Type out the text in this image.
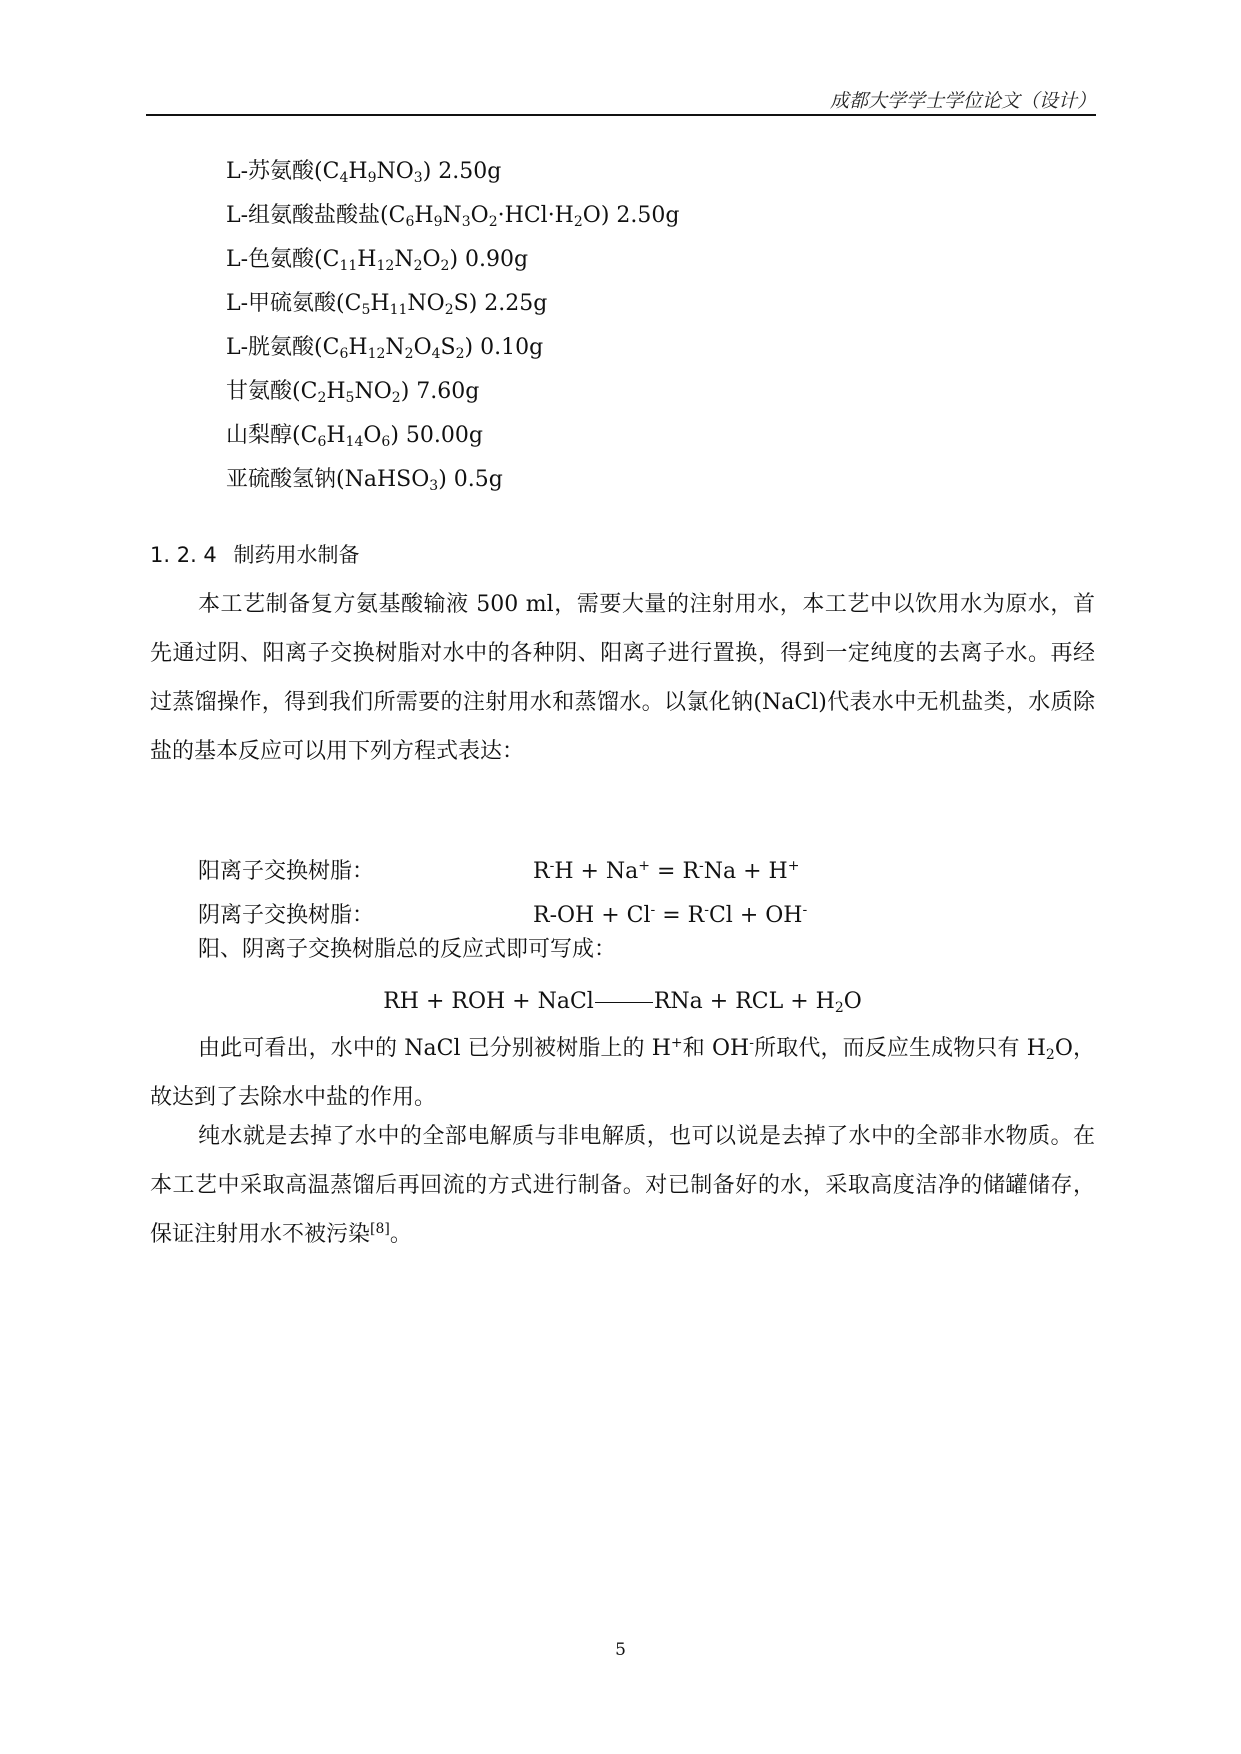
成都大学学士学位论文（设计）
L-苏氨酸$(C_4H_9NO_3)$ 2.50g
L-组氨酸盐酸盐$(C_6H_9N_3O_2\cdot HCl\cdot H_2O)$ 2.50g
L-色氨酸$(C_{11}H_{12}N_2O_2)$ 0.90g
L-甲硫氨酸$(C_5H_{11}NO_2S)$ 2.25g
L-胱氨酸$(C_6H_{12}N_2O_4S_2)$ 0.10g
甘氨酸$(C_2H_5NO_2)$ 7.60g
山梨醇$(C_6H_{14}O_6)$ 50.00g
亚硫酸氢钠(NaHSO$_3$) 0.5g
1. 2. 4 制药用水制备
本工艺制备复方氨基酸输液 500 ml，需要大量的注射用水，本工艺中以饮用水为原水，首先通过阴、阳离子交换树脂对水中的各种阴、阳离子进行置换，得到一定纯度的去离子水。再经过蒸馏操作，得到我们所需要的注射用水和蒸馏水。以氯化钠(NaCl)代表水中无机盐类，水质除盐的基本反应可以用下列方程式表达：
阳离子交换树脂：	R-H + Na+ = R-Na + H+
阴离子交换树脂：	R-OH + Cl- = R-Cl + OH-
阳、阴离子交换树脂总的反应式即可写成：
RH + ROH + NaCl	RNa + RCL + $H_2O$
由此可看出，水中的 NaCl 已分别被树脂上的 H+和 OH-所取代，而反应生成物只有 $H_2O$，故达到了去除水中盐的作用。
纯水就是去掉了水中的全部电解质与非电解质，也可以说是去掉了水中的全部非水物质。在本工艺中采取高温蒸馏后再回流的方式进行制备。对已制备好的水，采取高度洁净的储罐储存，保证注射用水不被污染[8]。
5
